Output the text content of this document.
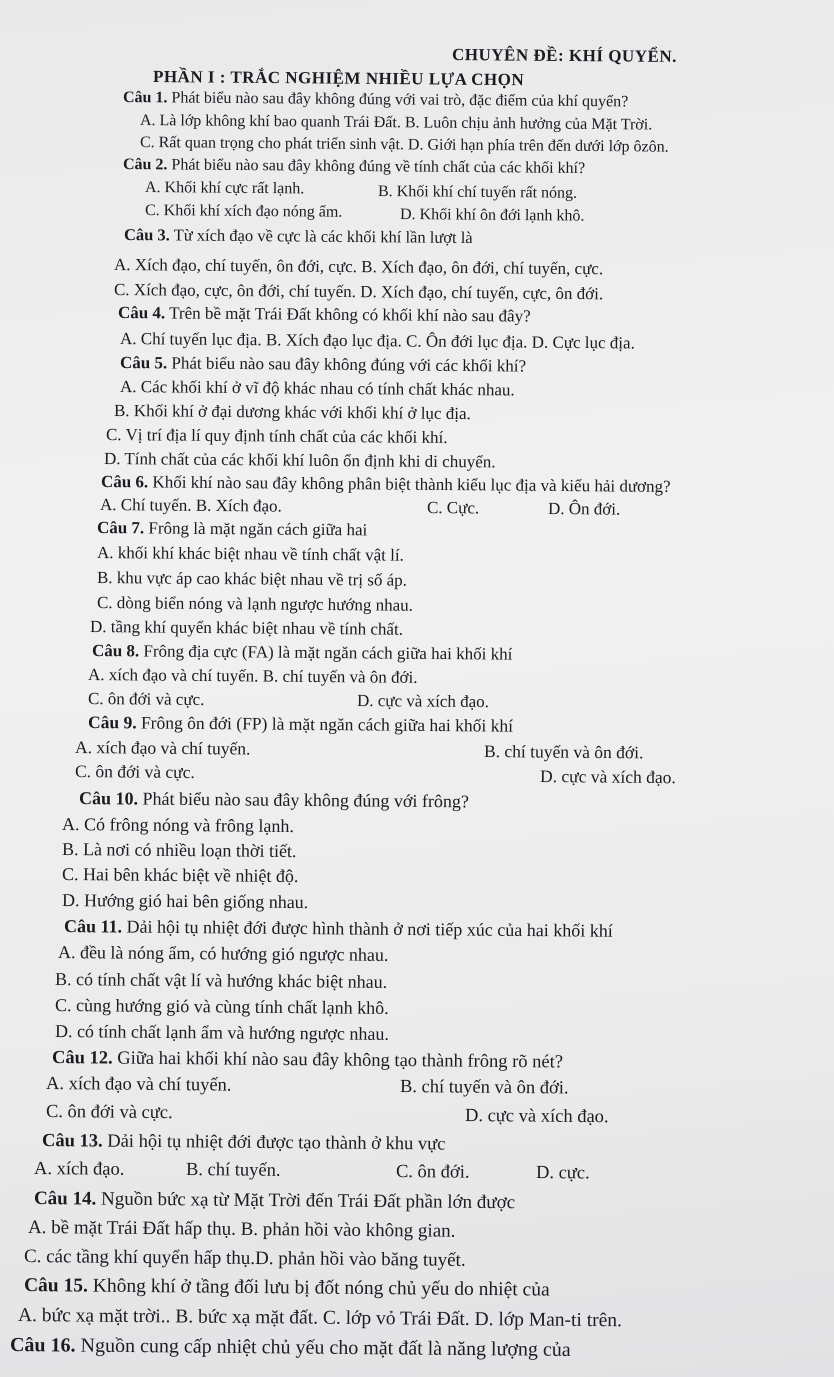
CHUYÊN ĐỀ: KHÍ QUYỂN.
PHẦN I : TRẮC NGHIỆM NHIỀU LỰA CHỌN
Câu 1. Phát biểu nào sau đây không đúng với vai trò, đặc điểm của khí quyển?
A. Là lớp không khí bao quanh Trái Đất. B. Luôn chịu ảnh hưởng của Mặt Trời.
C. Rất quan trọng cho phát triển sinh vật. D. Giới hạn phía trên đến dưới lớp ôzôn.
Câu 2. Phát biểu nào sau đây không đúng về tính chất của các khối khí?
A. Khối khí cực rất lạnh.	B. Khối khí chí tuyến rất nóng.
C. Khối khí xích đạo nóng ẩm.	D. Khối khí ôn đới lạnh khô.
Câu 3. Từ xích đạo về cực là các khối khí lần lượt là
A. Xích đạo, chí tuyến, ôn đới, cực. B. Xích đạo, ôn đới, chí tuyến, cực.
C. Xích đạo, cực, ôn đới, chí tuyến. D. Xích đạo, chí tuyến, cực, ôn đới.
Câu 4. Trên bề mặt Trái Đất không có khối khí nào sau đây?
A. Chí tuyến lục địa. B. Xích đạo lục địa. C. Ôn đới lục địa. D. Cực lục địa.
Câu 5. Phát biểu nào sau đây không đúng với các khối khí?
A. Các khối khí ở vĩ độ khác nhau có tính chất khác nhau.
B. Khối khí ở đại dương khác với khối khí ở lục địa.
C. Vị trí địa lí quy định tính chất của các khối khí.
D. Tính chất của các khối khí luôn ổn định khi di chuyển.
Câu 6. Khối khí nào sau đây không phân biệt thành kiểu lục địa và kiểu hải dương?
A. Chí tuyến. B. Xích đạo.	C. Cực.	D. Ôn đới.
Câu 7. Frông là mặt ngăn cách giữa hai
A. khối khí khác biệt nhau về tính chất vật lí.
B. khu vực áp cao khác biệt nhau về trị số áp.
C. dòng biển nóng và lạnh ngược hướng nhau.
D. tầng khí quyển khác biệt nhau về tính chất.
Câu 8. Frông địa cực (FA) là mặt ngăn cách giữa hai khối khí
A. xích đạo và chí tuyến. B. chí tuyến và ôn đới.
C. ôn đới và cực.	D. cực và xích đạo.
Câu 9. Frông ôn đới (FP) là mặt ngăn cách giữa hai khối khí
A. xích đạo và chí tuyến.	B. chí tuyến và ôn đới.
C. ôn đới và cực.	D. cực và xích đạo.
Câu 10. Phát biểu nào sau đây không đúng với frông?
A. Có frông nóng và frông lạnh.
B. Là nơi có nhiều loạn thời tiết.
C. Hai bên khác biệt về nhiệt độ.
D. Hướng gió hai bên giống nhau.
Câu 11. Dải hội tụ nhiệt đới được hình thành ở nơi tiếp xúc của hai khối khí
A. đều là nóng ẩm, có hướng gió ngược nhau.
B. có tính chất vật lí và hướng khác biệt nhau.
C. cùng hướng gió và cùng tính chất lạnh khô.
D. có tính chất lạnh ẩm và hướng ngược nhau.
Câu 12. Giữa hai khối khí nào sau đây không tạo thành frông rõ nét?
A. xích đạo và chí tuyến.	B. chí tuyến và ôn đới.
C. ôn đới và cực.	D. cực và xích đạo.
Câu 13. Dải hội tụ nhiệt đới được tạo thành ở khu vực
A. xích đạo.	B. chí tuyến.	C. ôn đới.	D. cực.
Câu 14. Nguồn bức xạ từ Mặt Trời đến Trái Đất phần lớn được
A. bề mặt Trái Đất hấp thụ. B. phản hồi vào không gian.
C. các tầng khí quyển hấp thụ.D. phản hồi vào băng tuyết.
Câu 15. Không khí ở tầng đối lưu bị đốt nóng chủ yếu do nhiệt của
A. bức xạ mặt trời.. B. bức xạ mặt đất. C. lớp vỏ Trái Đất. D. lớp Man-ti trên.
Câu 16. Nguồn cung cấp nhiệt chủ yếu cho mặt đất là năng lượng của
